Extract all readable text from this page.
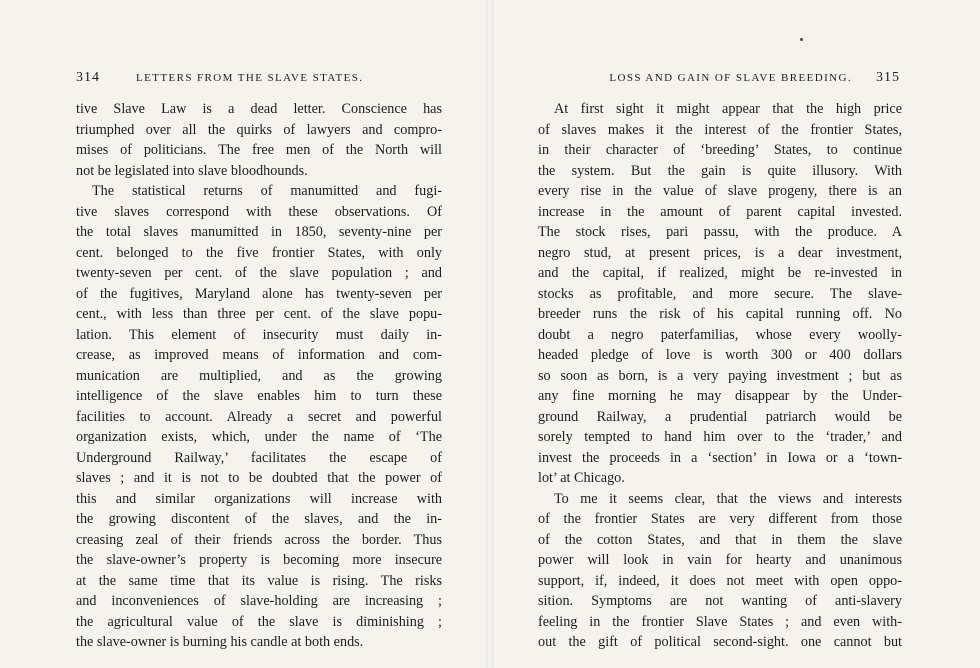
314	LETTERS FROM THE SLAVE STATES.
tive Slave Law is a dead letter. Conscience has
triumphed over all the quirks of lawyers and compro-
mises of politicians. The free men of the North will
not be legislated into slave bloodhounds.
The statistical returns of manumitted and fugi-
tive slaves correspond with these observations. Of
the total slaves manumitted in 1850, seventy-nine per
cent. belonged to the five frontier States, with only
twenty-seven per cent. of the slave population ; and
of the fugitives, Maryland alone has twenty-seven per
cent., with less than three per cent. of the slave popu-
lation. This element of insecurity must daily in-
crease, as improved means of information and com-
munication are multiplied, and as the growing
intelligence of the slave enables him to turn these
facilities to account. Already a secret and powerful
organization exists, which, under the name of ‘The
Underground Railway,’ facilitates the escape of
slaves ; and it is not to be doubted that the power of
this and similar organizations will increase with
the growing discontent of the slaves, and the in-
creasing zeal of their friends across the border. Thus
the slave-owner’s property is becoming more insecure
at the same time that its value is rising. The risks
and inconveniences of slave-holding are increasing ;
the agricultural value of the slave is diminishing ;
the slave-owner is burning his candle at both ends.
LOSS AND GAIN OF SLAVE BREEDING. 315
At first sight it might appear that the high price
of slaves makes it the interest of the frontier States,
in their character of ‘breeding’ States, to continue
the system. But the gain is quite illusory. With
every rise in the value of slave progeny, there is an
increase in the amount of parent capital invested.
The stock rises, pari passu, with the produce. A
negro stud, at present prices, is a dear investment,
and the capital, if realized, might be re-invested in
stocks as profitable, and more secure. The slave-
breeder runs the risk of his capital running off. No
doubt a negro paterfamilias, whose every woolly-
headed pledge of love is worth 300 or 400 dollars
so soon as born, is a very paying investment ; but as
any fine morning he may disappear by the Under-
ground Railway, a prudential patriarch would be
sorely tempted to hand him over to the ‘trader,’ and
invest the proceeds in a ‘section’ in Iowa or a ‘town-
lot’ at Chicago.
To me it seems clear, that the views and interests
of the frontier States are very different from those
of the cotton States, and that in them the slave
power will look in vain for hearty and unanimous
support, if, indeed, it does not meet with open oppo-
sition. Symptoms are not wanting of anti-slavery
feeling in the frontier Slave States ; and even with-
out the gift of political second-sight. one cannot but
